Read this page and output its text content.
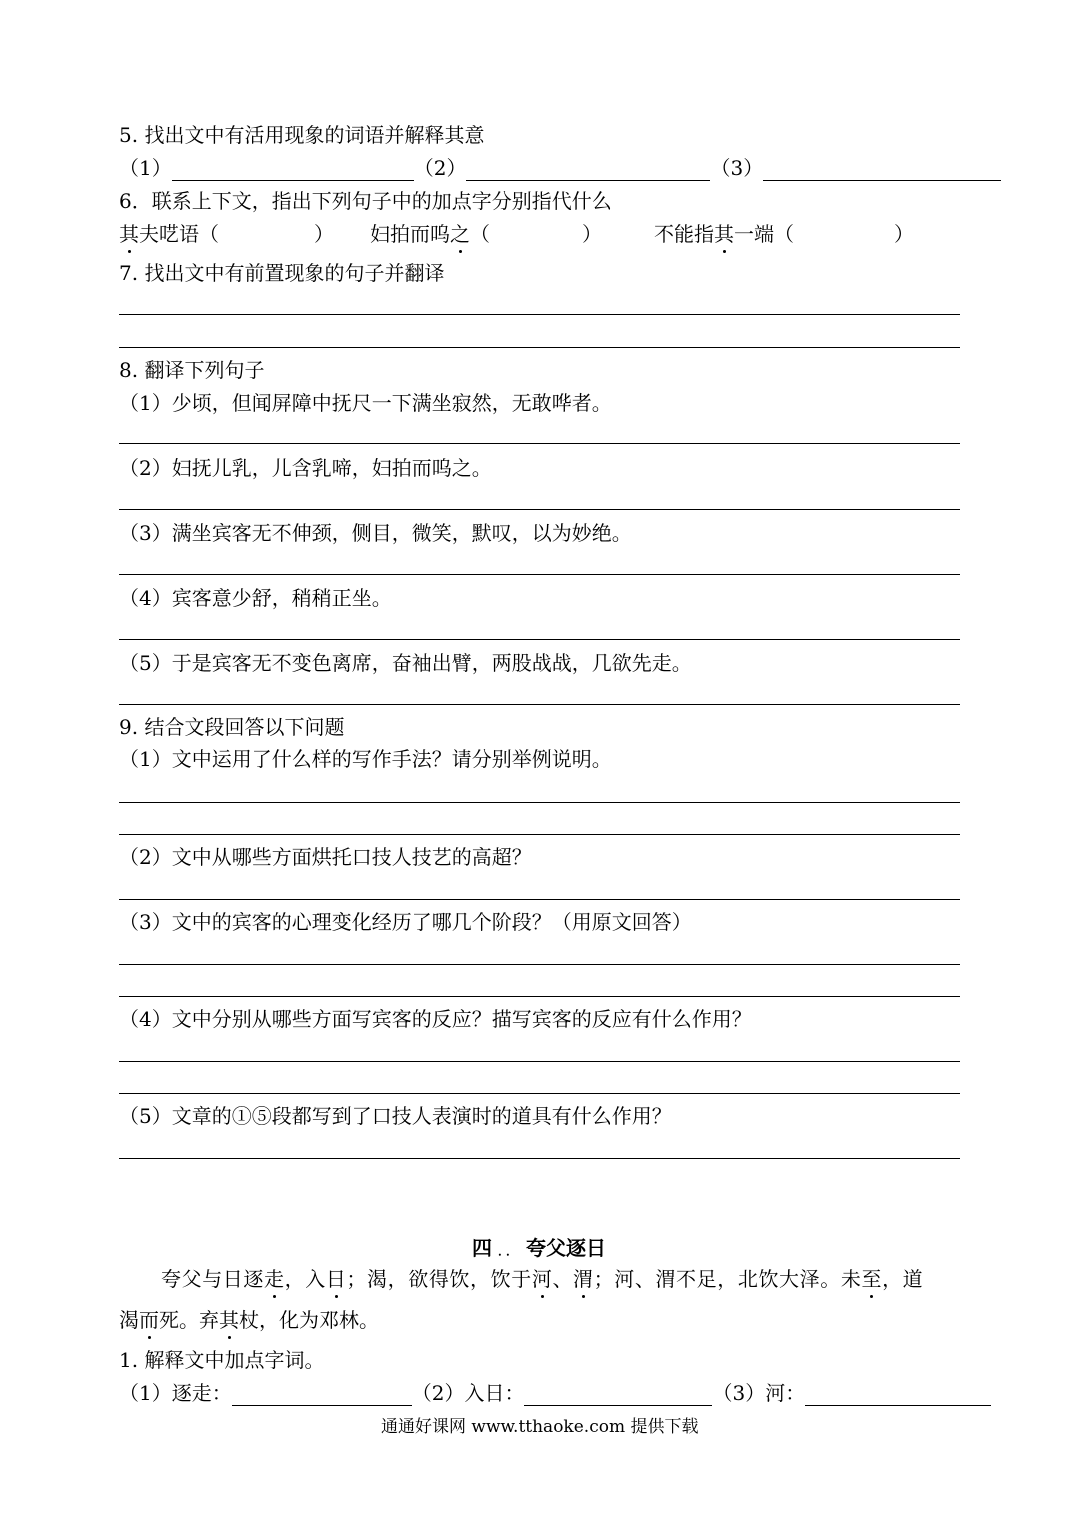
5. 找出文中有活用现象的词语并解释其意
（1）	（2）	（3）
6．联系上下文，指出下列句子中的加点字分别指代什么
其夫呓语（	） 妇拍而呜之（	）	不能指其一端（	）
7. 找出文中有前置现象的句子并翻译
8. 翻译下列句子
（1）少顷，但闻屏障中抚尺一下满坐寂然，无敢哗者。
（2）妇抚儿乳，儿含乳啼，妇拍而呜之。
（3）满坐宾客无不伸颈，侧目，微笑，默叹，以为妙绝。
（4）宾客意少舒，稍稍正坐。
（5）于是宾客无不变色离席，奋袖出臂，两股战战，几欲先走。
9. 结合文段回答以下问题
（1）文中运用了什么样的写作手法？请分别举例说明。
（2）文中从哪些方面烘托口技人技艺的高超？
（3）文中的宾客的心理变化经历了哪几个阶段？（用原文回答）
（4）文中分别从哪些方面写宾客的反应？描写宾客的反应有什么作用？
（5）文章的①⑤段都写到了口技人表演时的道具有什么作用？
四 ．． 夸父逐日
夸父与日逐走，入日；渴，欲得饮，饮于河、渭；河、渭不足，北饮大泽。未至，道
渴而死。弃其杖，化为邓林。
1. 解释文中加点字词。
（1）逐走：	（2）入日：	（3）河：
通通好课网 www.tthaoke.com 提供下载
